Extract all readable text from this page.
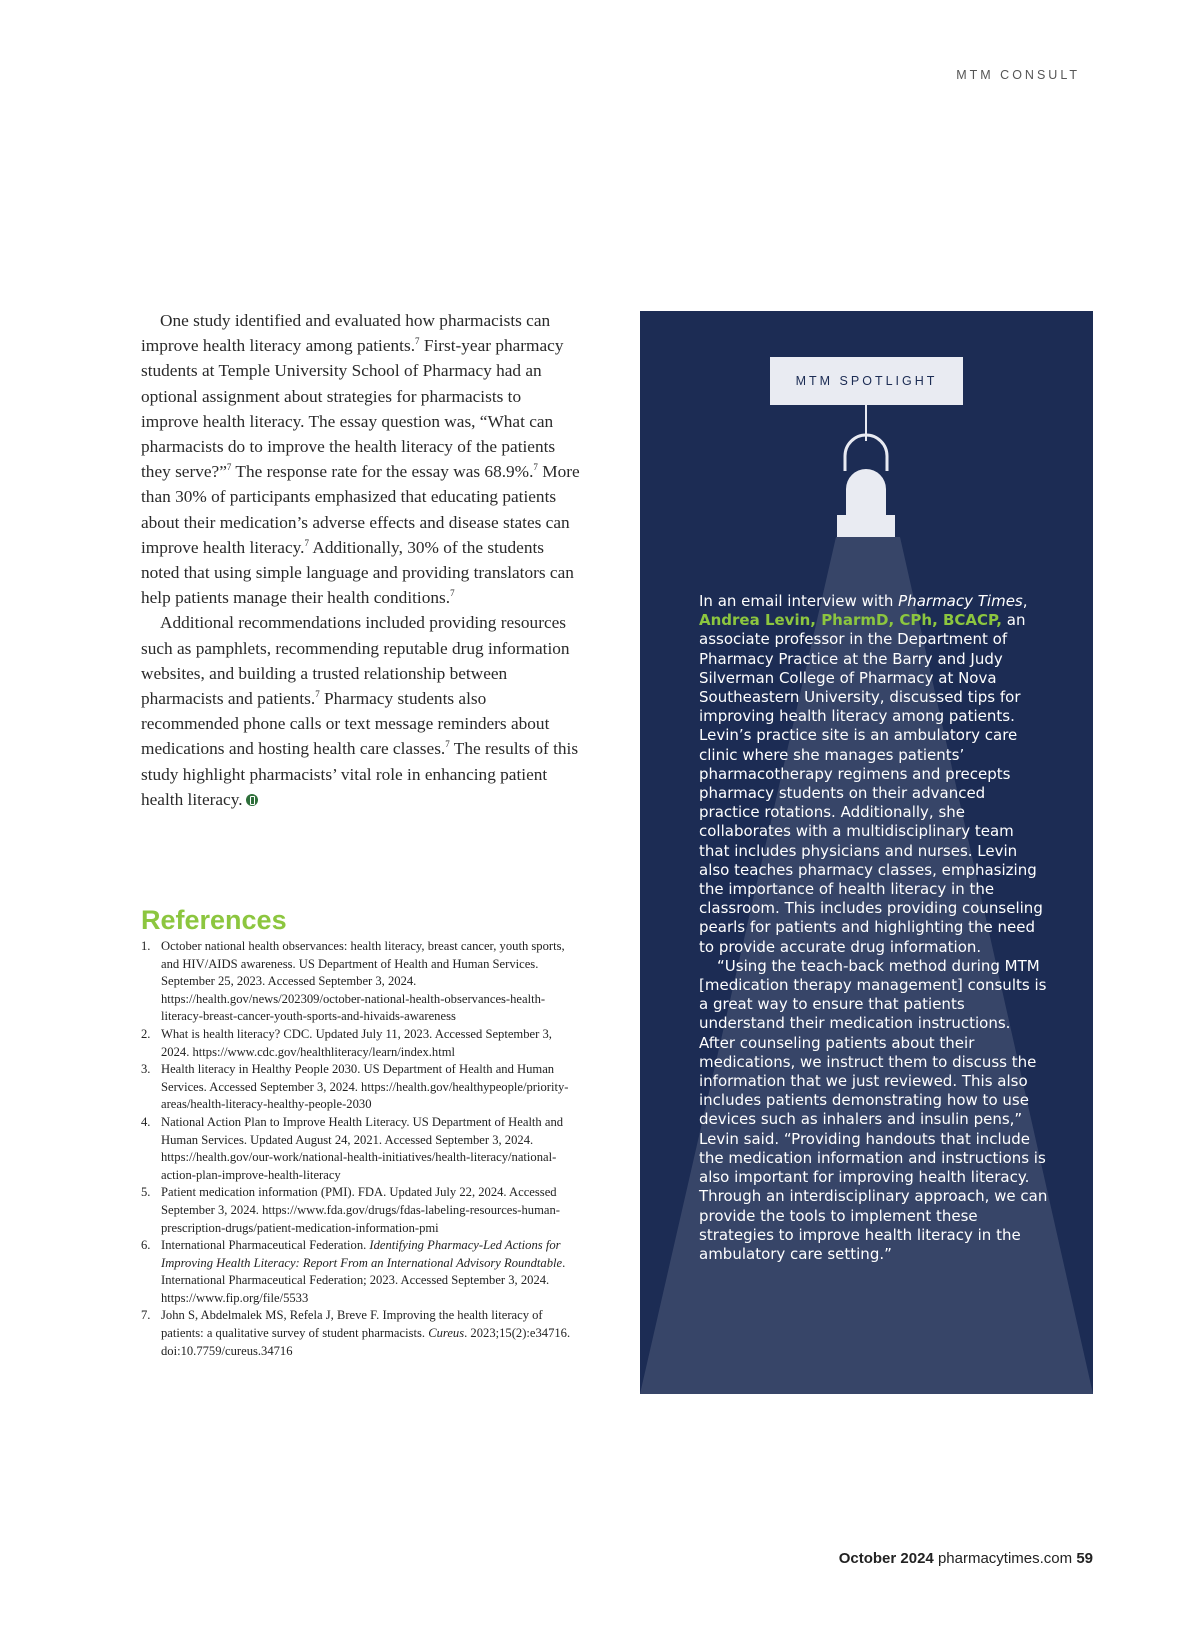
MTM CONSULT

One study identified and evaluated how pharmacists can improve health literacy among patients.$^7$ First-year pharmacy students at Temple University School of Pharmacy had an optional assignment about strategies for pharmacists to improve health literacy. The essay question was, “What can pharmacists do to improve the health literacy of the patients they serve?”$^7$ The response rate for the essay was 68.9%.$^7$ More than 30% of participants emphasized that educating patients about their medication’s adverse effects and disease states can improve health literacy.$^7$ Additionally, 30% of the students noted that using simple language and providing translators can help patients manage their health conditions.$^7$

Additional recommendations included providing resources such as pamphlets, recommending reputable drug information websites, and building a trusted relationship between pharmacists and patients.$^7$ Pharmacy students also recommended phone calls or text message reminders about medications and hosting health care classes.$^7$ The results of this study highlight pharmacists’ vital role in enhancing patient health literacy.

References
1. October national health observances: health literacy, breast cancer, youth sports, and HIV/AIDS awareness. US Department of Health and Human Services. September 25, 2023. Accessed September 3, 2024. https://health.gov/news/202309/october-national-health-observances-health-literacy-breast-cancer-youth-sports-and-hivaids-awareness
2. What is health literacy? CDC. Updated July 11, 2023. Accessed September 3, 2024. https://www.cdc.gov/healthliteracy/learn/index.html
3. Health literacy in Healthy People 2030. US Department of Health and Human Services. Accessed September 3, 2024. https://health.gov/healthypeople/priority-areas/health-literacy-healthy-people-2030
4. National Action Plan to Improve Health Literacy. US Department of Health and Human Services. Updated August 24, 2021. Accessed September 3, 2024. https://health.gov/our-work/national-health-initiatives/health-literacy/national-action-plan-improve-health-literacy
5. Patient medication information (PMI). FDA. Updated July 22, 2024. Accessed September 3, 2024. https://www.fda.gov/drugs/fdas-labeling-resources-human-prescription-drugs/patient-medication-information-pmi
6. International Pharmaceutical Federation. Identifying Pharmacy-Led Actions for Improving Health Literacy: Report From an International Advisory Roundtable. International Pharmaceutical Federation; 2023. Accessed September 3, 2024. https://www.fip.org/file/5533
7. John S, Abdelmalek MS, Refela J, Breve F. Improving the health literacy of patients: a qualitative survey of student pharmacists. Cureus. 2023;15(2):e34716. doi:10.7759/cureus.34716
MTM SPOTLIGHT

In an email interview with Pharmacy Times, Andrea Levin, PharmD, CPh, BCACP, an associate professor in the Department of Pharmacy Practice at the Barry and Judy Silverman College of Pharmacy at Nova Southeastern University, discussed tips for improving health literacy among patients. Levin’s practice site is an ambulatory care clinic where she manages patients’ pharmacotherapy regimens and precepts pharmacy students on their advanced practice rotations. Additionally, she collaborates with a multidisciplinary team that includes physicians and nurses. Levin also teaches pharmacy classes, emphasizing the importance of health literacy in the classroom. This includes providing counseling pearls for patients and highlighting the need to provide accurate drug information.

“Using the teach-back method during MTM [medication therapy management] consults is a great way to ensure that patients understand their medication instructions. After counseling patients about their medications, we instruct them to discuss the information that we just reviewed. This also includes patients demonstrating how to use devices such as inhalers and insulin pens,” Levin said. “Providing handouts that include the medication information and instructions is also important for improving health literacy. Through an interdisciplinary approach, we can provide the tools to implement these strategies to improve health literacy in the ambulatory care setting.”

October 2024 pharmacytimes.com 59
